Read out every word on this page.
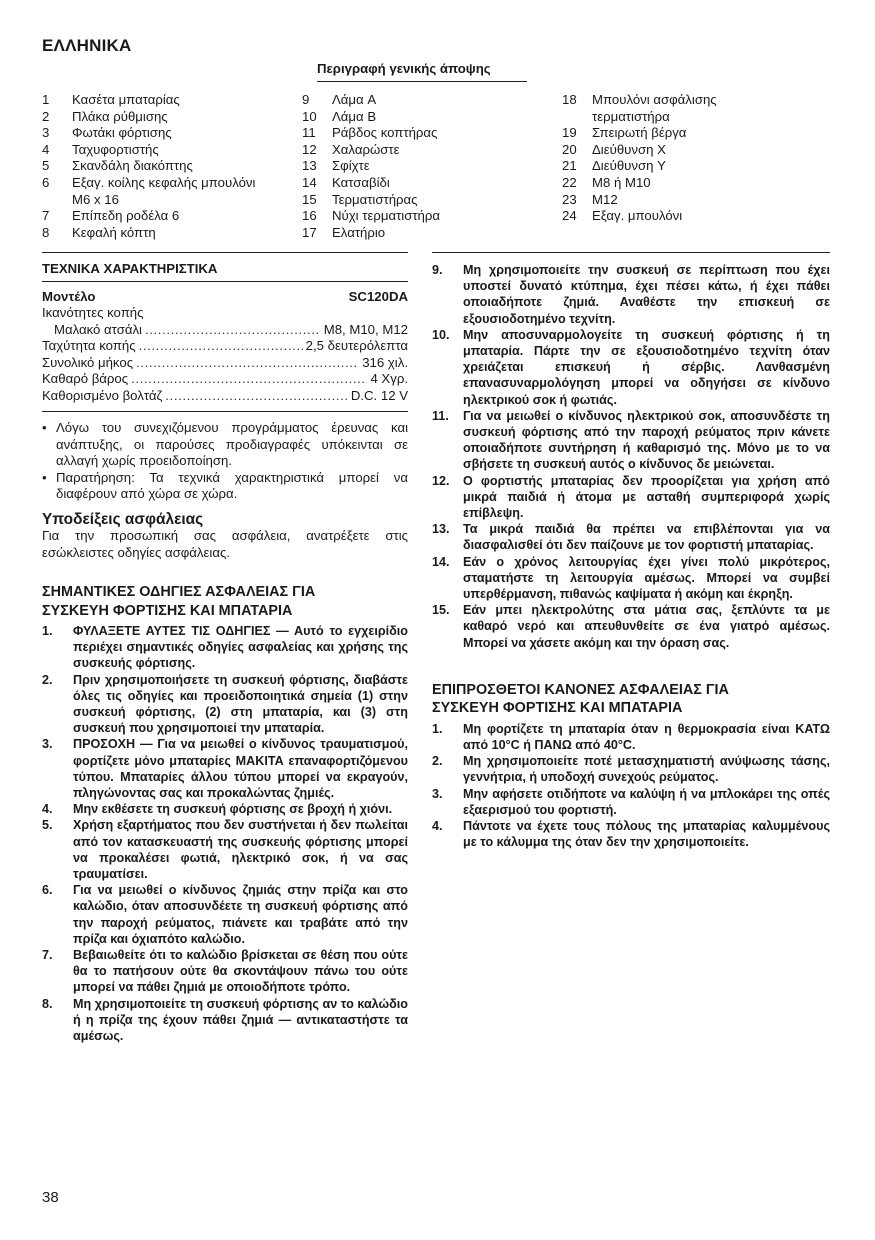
ΕΛΛΗΝΙΚΑ
Περιγραφή γενικής άποψης
1	Κασέτα μπαταρίας
2	Πλάκα ρύθμισης
3	Φωτάκι φόρτισης
4	Ταχυφορτιστής
5	Σκανδάλη διακόπτης
6	Εξαγ. κοίλης κεφαλής μπουλόνι M6 x 16
7	Επίπεδη ροδέλα 6
8	Κεφαλή κόπτη
9	Λάμα A
10	Λάμα B
11	Ράβδος κοπτήρας
12	Χαλαρώστε
13	Σφίχτε
14	Κατσαβίδι
15	Τερματιστήρας
16	Νύχι τερματιστήρα
17	Ελατήριο
18	Μπουλόνι ασφάλισης τερματιστήρα
19	Σπειρωτή βέργα
20	Διεύθυνση X
21	Διεύθυνση Y
22	M8 ή M10
23	M12
24	Εξαγ. μπουλόνι
ΤΕΧΝΙΚΑ ΧΑΡΑΚΤΗΡΙΣΤΙΚΑ
Μοντέλο	SC120DA
Ικανότητες κοπής
Μαλακό ατσάλι .....	M8, M10, M12
Ταχύτητα κοπής .....	2,5 δευτερόλεπτα
Συνολικό μήκος .....	316 χιλ.
Καθαρό βάρος .....	4 Χγρ.
Καθορισμένο βολτάζ .....	D.C. 12 V
• Λόγω του συνεχιζόμενου προγράμματος έρευνας και ανάπτυξης, οι παρούσες προδιαγραφές υπόκεινται σε αλλαγή χωρίς προειδοποίηση.
• Παρατήρηση: Τα τεχνικά χαρακτηριστικά μπορεί να διαφέρουν από χώρα σε χώρα.
Υποδείξεις ασφάλειας

Για την προσωπική σας ασφάλεια, ανατρέξετε στις εσώκλειστες οδηγίες ασφάλειας.

ΣΗΜΑΝΤΙΚΕΣ ΟΔΗΓΙΕΣ ΑΣΦΑΛΕΙΑΣ ΓΙΑ
ΣΥΣΚΕΥΗ ΦΟΡΤΙΣΗΣ ΚΑΙ ΜΠΑΤΑΡΙΑ
1.	ΦΥΛΑΞΕΤΕ ΑΥΤΕΣ ΤΙΣ ΟΔΗΓΙΕΣ — Αυτό το εγχειρίδιο περιέχει σημαντικές οδηγίες ασφαλείας και χρήσης της συσκευής φόρτισης.
2.	Πριν χρησιμοποιήσετε τη συσκευή φόρτισης, διαβάστε όλες τις οδηγίες και προειδοποιητικά σημεία (1) στην συσκευή φόρτισης, (2) στη μπαταρία, και (3) στη συσκευή που χρησιμοποιεί την μπαταρία.
3.	ΠΡΟΣΟΧΗ — Για να μειωθεί ο κίνδυνος τραυματισμού, φορτίζετε μόνο μπαταρίες ΜΑΚΙΤΑ επαναφορτιζόμενου τύπου. Μπαταρίες άλλου τύπου μπορεί να εκραγούν, πληγώνοντας σας και προκαλώντας ζημιές.
4.	Μην εκθέσετε τη συσκευή φόρτισης σε βροχή ή χιόνι.
5.	Χρήση εξαρτήματος που δεν συστήνεται ή δεν πωλείται από τον κατασκευαστή της συσκευής φόρτισης μπορεί να προκαλέσει φωτιά, ηλεκτρικό σοκ, ή να σας τραυματίσει.
6.	Για να μειωθεί ο κίνδυνος ζημιάς στην πρίζα και στο καλώδιο, όταν αποσυνδέετε τη συσκευή φόρτισης από την παροχή ρεύματος, πιάνετε και τραβάτε από την πρίζα και όχιαπότο καλώδιο.
7.	Βεβαιωθείτε ότι το καλώδιο βρίσκεται σε θέση που ούτε θα το πατήσουν ούτε θα σκοντάψουν πάνω του ούτε μπορεί να πάθει ζημιά με οποιοδήποτε τρόπο.
8.	Μη χρησιμοποιείτε τη συσκευή φόρτισης αν το καλώδιο ή η πρίζα της έχουν πάθει ζημιά — αντικαταστήστε τα αμέσως.
9.	Μη χρησιμοποιείτε την συσκευή σε περίπτωση που έχει υποστεί δυνατό κτύπημα, έχει πέσει κάτω, ή έχει πάθει οποιαδήποτε ζημιά. Αναθέστε την επισκευή σε εξουσιοδοτημένο τεχνίτη.
10.	Μην αποσυναρμολογείτε τη συσκευή φόρτισης ή τη μπαταρία. Πάρτε την σε εξουσιοδοτημένο τεχνίτη όταν χρειάζεται επισκευή ή σέρβις. Λανθασμένη επανασυναρμολόγηση μπορεί να οδηγήσει σε κίνδυνο ηλεκτρικού σοκ ή φωτιάς.
11.	Για να μειωθεί ο κίνδυνος ηλεκτρικού σοκ, αποσυνδέστε τη συσκευή φόρτισης από την παροχή ρεύματος πριν κάνετε οποιαδήποτε συντήρηση ή καθαρισμό της. Μόνο με το να σβήσετε τη συσκευή αυτός ο κίνδυνος δε μειώνεται.
12.	Ο φορτιστής μπαταρίας δεν προορίζεται για χρήση από μικρά παιδιά ή άτομα με ασταθή συμπεριφορά χωρίς επίβλεψη.
13.	Τα μικρά παιδιά θα πρέπει να επιβλέπονται για να διασφαλισθεί ότι δεν παίζουνε με τον φορτιστή μπαταρίας.
14.	Εάν ο χρόνος λειτουργίας έχει γίνει πολύ μικρότερος, σταματήστε τη λειτουργία αμέσως. Μπορεί να συμβεί υπερθέρμανση, πιθανώς καψίματα ή ακόμη και έκρηξη.
15.	Εάν μπει ηλεκτρολύτης στα μάτια σας, ξεπλύντε τα με καθαρό νερό και απευθυνθείτε σε ένα γιατρό αμέσως. Μπορεί να χάσετε ακόμη και την όραση σας.
ΕΠΙΠΡΟΣΘΕΤΟΙ ΚΑΝΟΝΕΣ ΑΣΦΑΛΕΙΑΣ ΓΙΑ
ΣΥΣΚΕΥΗ ΦΟΡΤΙΣΗΣ ΚΑΙ ΜΠΑΤΑΡΙΑ
1.	Μη φορτίζετε τη μπαταρία όταν η θερμοκρασία είναι ΚΑΤΩ από 10°C ή ΠΑΝΩ από 40°C.
2.	Μη χρησιμοποιείτε ποτέ μετασχηματιστή ανύψωσης τάσης, γεννήτρια, ή υποδοχή συνεχούς ρεύματος.
3.	Μην αφήσετε οτιδήποτε να καλύψη ή να μπλοκάρει της οπές εξαερισμού του φορτιστή.
4.	Πάντοτε να έχετε τους πόλους της μπαταρίας καλυμμένους με το κάλυμμα της όταν δεν την χρησιμοποιείτε.
38
